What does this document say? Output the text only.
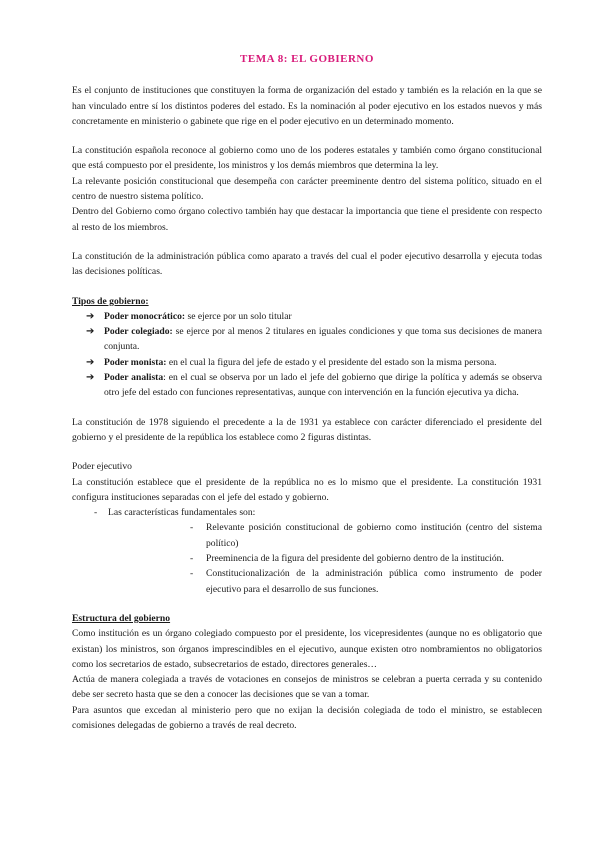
TEMA 8: EL GOBIERNO

Es el conjunto de instituciones que constituyen la forma de organización del estado y también es la relación en la que se han vinculado entre sí los distintos poderes del estado. Es la nominación al poder ejecutivo en los estados nuevos y más concretamente en ministerio o gabinete que rige en el poder ejecutivo en un determinado momento.

La constitución española reconoce al gobierno como uno de los poderes estatales y también como órgano constitucional que está compuesto por el presidente, los ministros y los demás miembros que determina la ley.

La relevante posición constitucional que desempeña con carácter preeminente dentro del sistema político, situado en el centro de nuestro sistema político.

Dentro del Gobierno como órgano colectivo también hay que destacar la importancia que tiene el presidente con respecto al resto de los miembros.

La constitución de la administración pública como aparato a través del cual el poder ejecutivo desarrolla y ejecuta todas las decisiones políticas.

Tipos de gobierno:

➔ Poder monocrático: se ejerce por un solo titular
➔ Poder colegiado: se ejerce por al menos 2 titulares en iguales condiciones y que toma sus decisiones de manera conjunta.
➔ Poder monista: en el cual la figura del jefe de estado y el presidente del estado son la misma persona.
➔ Poder analista: en el cual se observa por un lado el jefe del gobierno que dirige la política y además se observa otro jefe del estado con funciones representativas, aunque con intervención en la función ejecutiva ya dicha.

La constitución de 1978 siguiendo el precedente a la de 1931 ya establece con carácter diferenciado el presidente del gobierno y el presidente de la república los establece como 2 figuras distintas.

Poder ejecutivo

La constitución establece que el presidente de la república no es lo mismo que el presidente. La constitución 1931 configura instituciones separadas con el jefe del estado y gobierno.

- Las características fundamentales son:
- Relevante posición constitucional de gobierno como institución (centro del sistema político)
- Preeminencia de la figura del presidente del gobierno dentro de la institución.
- Constitucionalización de la administración pública como instrumento de poder ejecutivo para el desarrollo de sus funciones.

Estructura del gobierno

Como institución es un órgano colegiado compuesto por el presidente, los vicepresidentes (aunque no es obligatorio que existan) los ministros, son órganos imprescindibles en el ejecutivo, aunque existen otro nombramientos no obligatorios como los secretarios de estado, subsecretarios de estado, directores generales…

Actúa de manera colegiada a través de votaciones en consejos de ministros se celebran a puerta cerrada y su contenido debe ser secreto hasta que se den a conocer las decisiones que se van a tomar.

Para asuntos que excedan al ministerio pero que no exijan la decisión colegiada de todo el ministro, se establecen comisiones delegadas de gobierno a través de real decreto.
